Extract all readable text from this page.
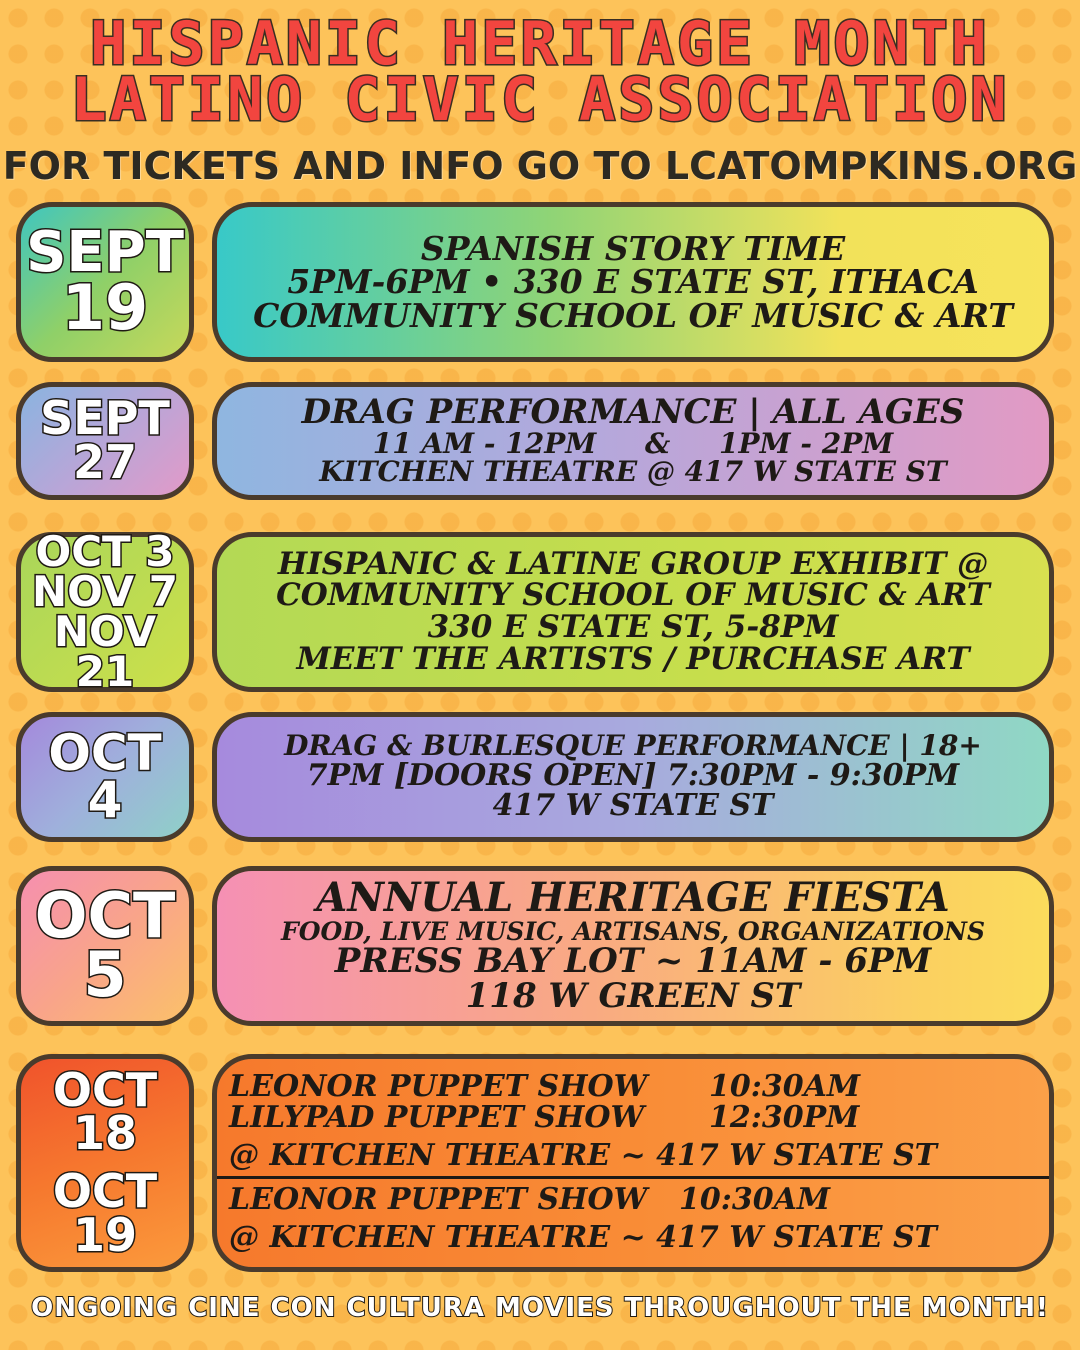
HISPANIC HERITAGE MONTH
LATINO CIVIC ASSOCIATION

FOR TICKETS AND INFO GO TO LCATOMPKINS.ORG

SEPT
19
SPANISH STORY TIME
5PM-6PM • 330 E STATE ST, ITHACA
COMMUNITY SCHOOL OF MUSIC & ART
SEPT
27
DRAG PERFORMANCE | ALL AGES
11 AM - 12PM     &     1PM - 2PM
KITCHEN THEATRE @ 417 W STATE ST
OCT 3
NOV 7
NOV 21
HISPANIC & LATINE GROUP EXHIBIT @
COMMUNITY SCHOOL OF MUSIC & ART
330 E STATE ST, 5-8PM
MEET THE ARTISTS / PURCHASE ART
OCT
4
DRAG & BURLESQUE PERFORMANCE | 18+
7PM [DOORS OPEN] 7:30PM - 9:30PM
417 W STATE ST
OCT
5
ANNUAL HERITAGE FIESTA
FOOD, LIVE MUSIC, ARTISANS, ORGANIZATIONS
PRESS BAY LOT ~ 11AM - 6PM
118 W GREEN ST
OCT
18
OCT
19
LEONOR PUPPET SHOW	10:30AM
LILYPAD PUPPET SHOW	12:30PM
@ KITCHEN THEATRE ~ 417 W STATE ST
LEONOR PUPPET SHOW	10:30AM
@ KITCHEN THEATRE ~ 417 W STATE ST

ONGOING CINE CON CULTURA MOVIES THROUGHOUT THE MONTH!
